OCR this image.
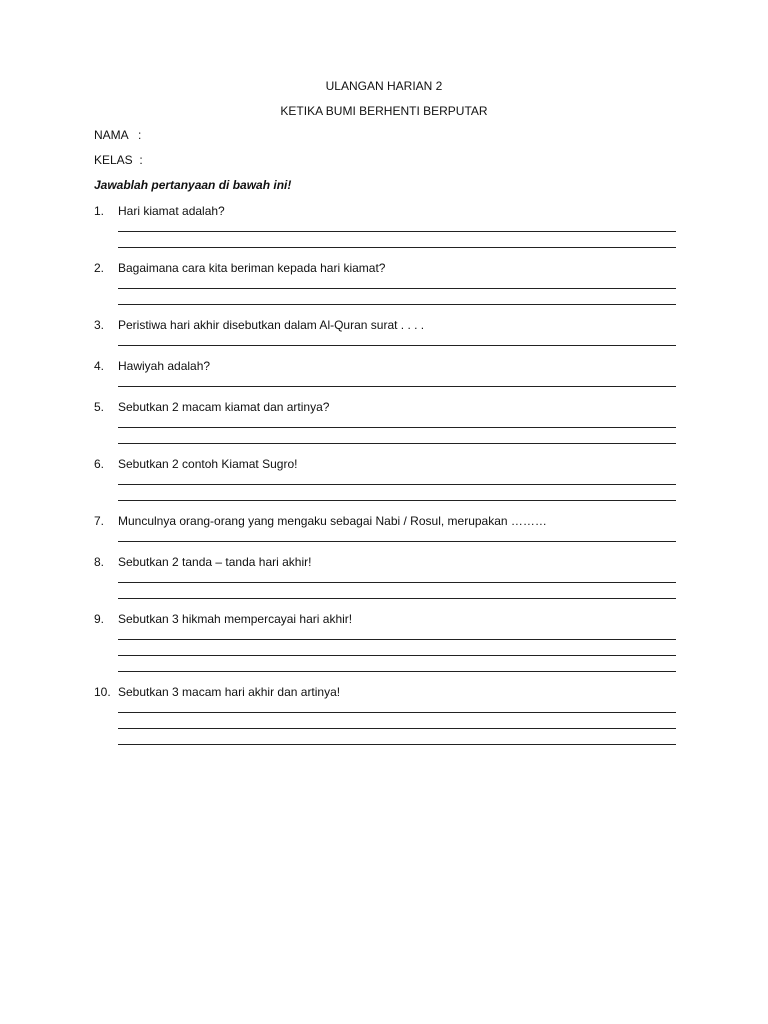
ULANGAN HARIAN 2
KETIKA BUMI BERHENTI BERPUTAR
NAMA   :
KELAS  :
Jawablah pertanyaan di bawah ini!
1.	Hari kiamat adalah?
2.	Bagaimana cara kita beriman kepada hari kiamat?
3.	Peristiwa hari akhir disebutkan dalam Al-Quran surat . . . .
4.	Hawiyah adalah?
5.	Sebutkan 2 macam kiamat dan artinya?
6.	Sebutkan 2 contoh Kiamat Sugro!
7.	Munculnya orang-orang yang mengaku sebagai Nabi / Rosul, merupakan ………
8.	Sebutkan 2 tanda – tanda hari akhir!
9.	Sebutkan 3 hikmah mempercayai hari akhir!
10. Sebutkan 3 macam hari akhir dan artinya!
